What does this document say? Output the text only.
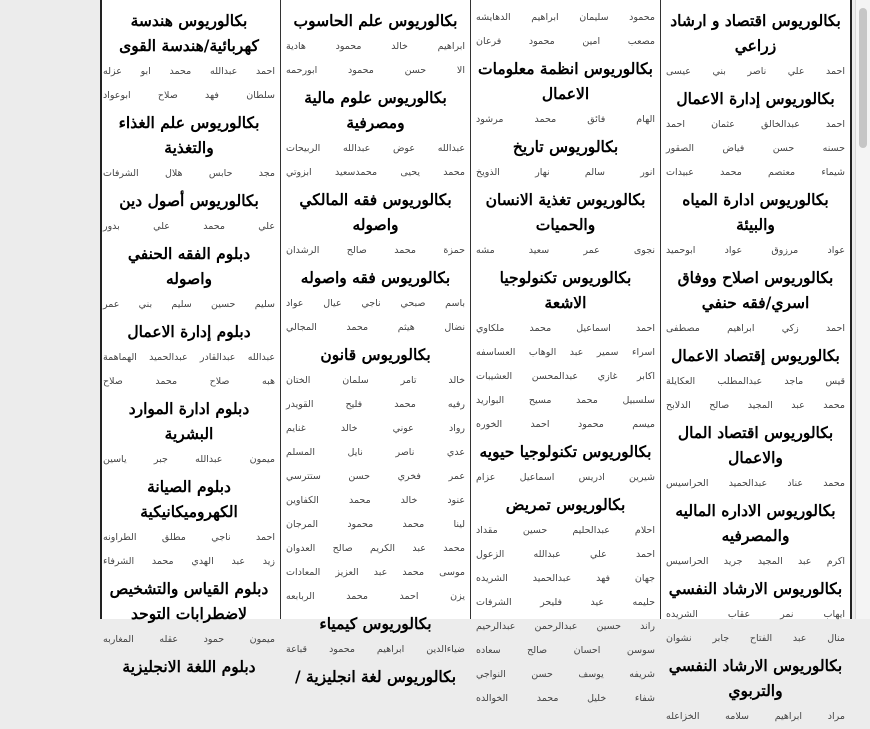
بكالوريوس اقتصاد و ارشاد زراعي
احمد علي ناصر بني عيسى
بكالوريوس إدارة الاعمال
احمد عبدالخالق عثمان احمد
حسنه حسن فياض الصقور
شيماء معتصم محمد عبيدات
بكالوريوس ادارة المياه والبيئة
عواد مرزوق عواد ابوحميد
بكالوريوس اصلاح ووفاق اسري/فقه حنفي
احمد زكي ابراهيم مصطفى
بكالوريوس إقتصاد الاعمال
قيس ماجد عبدالمطلب العكايلة
محمد عبد المجيد صالح الدلابح
بكالوريوس اقتصاد المال والاعمال
محمد عناد عبدالحميد الحراسيس
بكالوريوس الاداره الماليه والمصرفيه
اكرم عبد المجيد جريد الحراسيس
بكالوريوس الارشاد النفسي
ايهاب نمر عقاب الشريده
منال عبد الفتاح جابر نشوان
بكالوريوس الارشاد النفسي والتربوي
مراد ابراهيم سلامه الخزاعله
محمود سليمان ابراهيم الدهايشه
مصعب امين محمود فرعان
بكالوريوس انظمة معلومات الاعمال
الهام فائق محمد مرشود
بكالوريوس تاريخ
انور سالم نهار الذويخ
بكالوريوس تغذية الانسان والحميات
نجوى عمر سعيد مشه
بكالوريوس تكنولوجيا الاشعة
احمد اسماعيل محمد ملكاوي
اسراء سمير عبد الوهاب العساسفه
اكابر غازي عبدالمحسن العشيبات
سلسبيل محمد مسيح البواريد
ميسم محمود احمد الخوره
بكالوريوس تكنولوجيا حيويه
شيرين ادريس اسماعيل عزام
بكالوريوس تمريض
احلام عبدالحليم حسين مقداد
احمد علي عبدالله الزعول
جهان فهد عبدالحميد الشريده
حليمه عيد فليحر الشرفات
راند حسين عبدالرحمن عبدالرحيم
سوسن احسان صالح سعاده
شريفه يوسف حسن النواجي
شفاء خليل محمد الخوالده
بكالوريوس علم الحاسوب
ابراهيم خالد محمود هادية
الا حسن محمود ابورحمه
بكالوريوس علوم مالية ومصرفية
عبدالله عوض عبدالله الربيحات
محمد يحيى محمدسعيد ابزوتي
بكالوريوس فقه المالكي واصوله
حمزة محمد صالح الرشدان
بكالوريوس فقه واصوله
باسم صبحي ناجي عيال عواد
نضال هيثم محمد المجالي
بكالوريوس قانون
خالد تامر سلمان الختان
رفيه محمد فليح القويدر
رواد عوني خالد غنايم
عدي ناصر نايل المسلم
عمر فخري حسن ستترسي
عنود خالد محمد الكفاوين
لينا محمد محمود المرجان
محمد عبد الكريم صالح العدوان
موسى محمد عبد العزيز المعادات
يزن احمد محمد الربابعه
بكالوريوس كيمياء
ضياءالدين ابراهيم محمود قباعة
بكالوريوس لغة انجليزية /
بكالوريوس هندسة كهربائية/هندسة القوى
احمد عبدالله محمد ابو عزله
سلطان فهد صلاح ابوعواد
بكالوريوس علم الغذاء والتغذية
مجد حابس هلال الشرفات
بكالوريوس أصول دين
علي محمد علي بدور
دبلوم الفقه الحنفي واصوله
سليم حسين سليم بني عمر
دبلوم إدارة الاعمال
عبدالله عبدالقادر عبدالحميد الهماهمة
هبه صلاح محمد صلاح
دبلوم ادارة الموارد البشرية
ميمون عبدالله جبر ياسين
دبلوم الصيانة الكهروميكانيكية
احمد ناجي مطلق الطراونه
زيد عبد الهدي محمد الشرفاء
دبلوم القياس والتشخيص لاضطرابات التوحد
ميمون حمود عقله المغاربه
دبلوم اللغة الانجليزية
